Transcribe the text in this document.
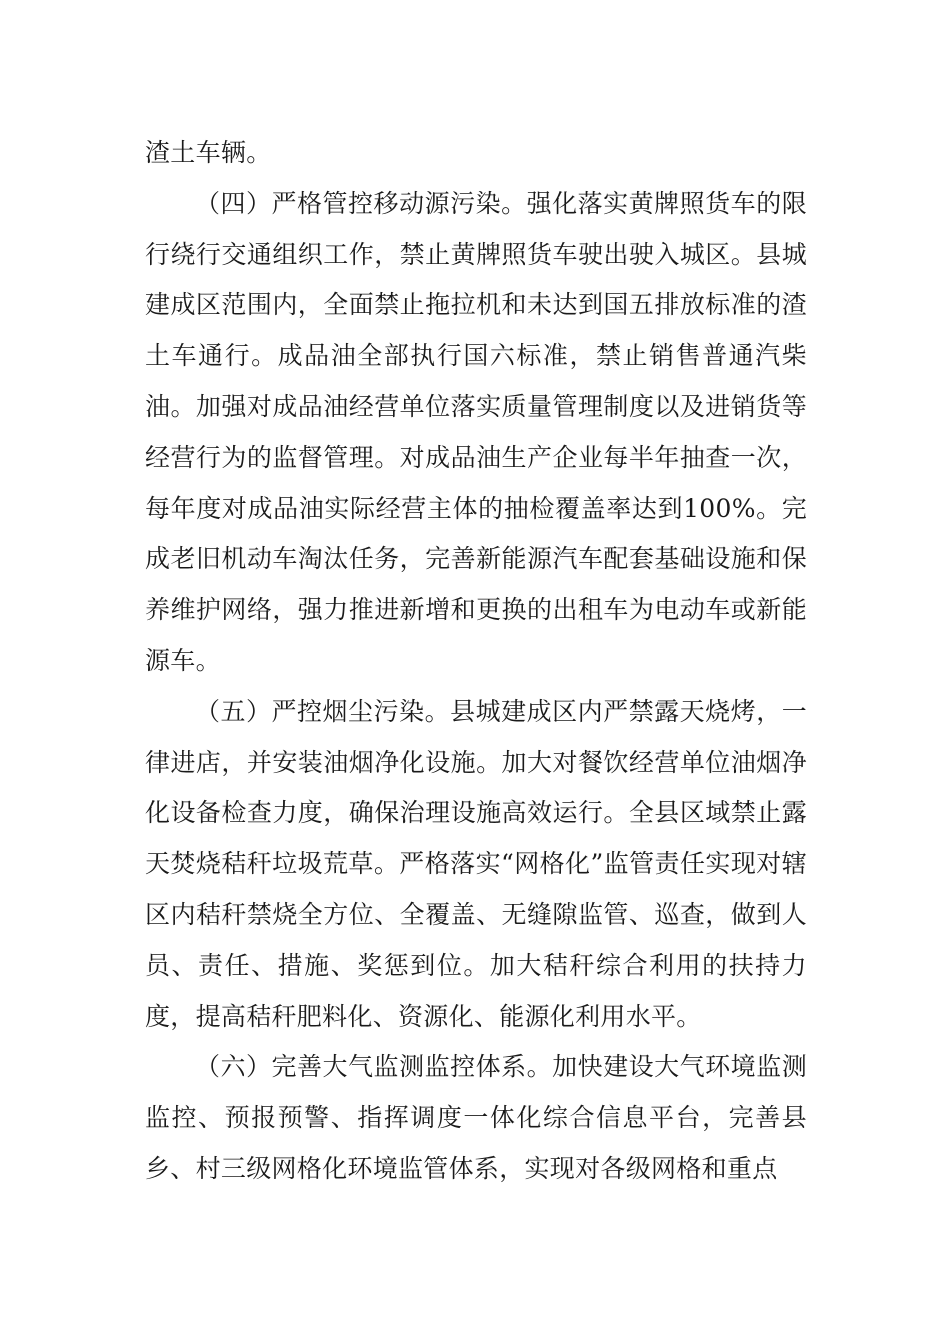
渣土车辆。

（四）严格管控移动源污染。强化落实黄牌照货车的限行绕行交通组织工作，禁止黄牌照货车驶出驶入城区。县城建成区范围内，全面禁止拖拉机和未达到国五排放标准的渣土车通行。成品油全部执行国六标准，禁止销售普通汽柴油。加强对成品油经营单位落实质量管理制度以及进销货等经营行为的监督管理。对成品油生产企业每半年抽查一次，每年度对成品油实际经营主体的抽检覆盖率达到100%。完成老旧机动车淘汰任务，完善新能源汽车配套基础设施和保养维护网络，强力推进新增和更换的出租车为电动车或新能源车。

（五）严控烟尘污染。县城建成区内严禁露天烧烤，一律进店，并安装油烟净化设施。加大对餐饮经营单位油烟净化设备检查力度，确保治理设施高效运行。全县区域禁止露天焚烧秸秆垃圾荒草。严格落实“网格化”监管责任实现对辖区内秸秆禁烧全方位、全覆盖、无缝隙监管、巡查，做到人员、责任、措施、奖惩到位。加大秸秆综合利用的扶持力度，提高秸秆肥料化、资源化、能源化利用水平。

（六）完善大气监测监控体系。加快建设大气环境监测监控、预报预警、指挥调度一体化综合信息平台，完善县乡、村三级网格化环境监管体系，实现对各级网格和重点
